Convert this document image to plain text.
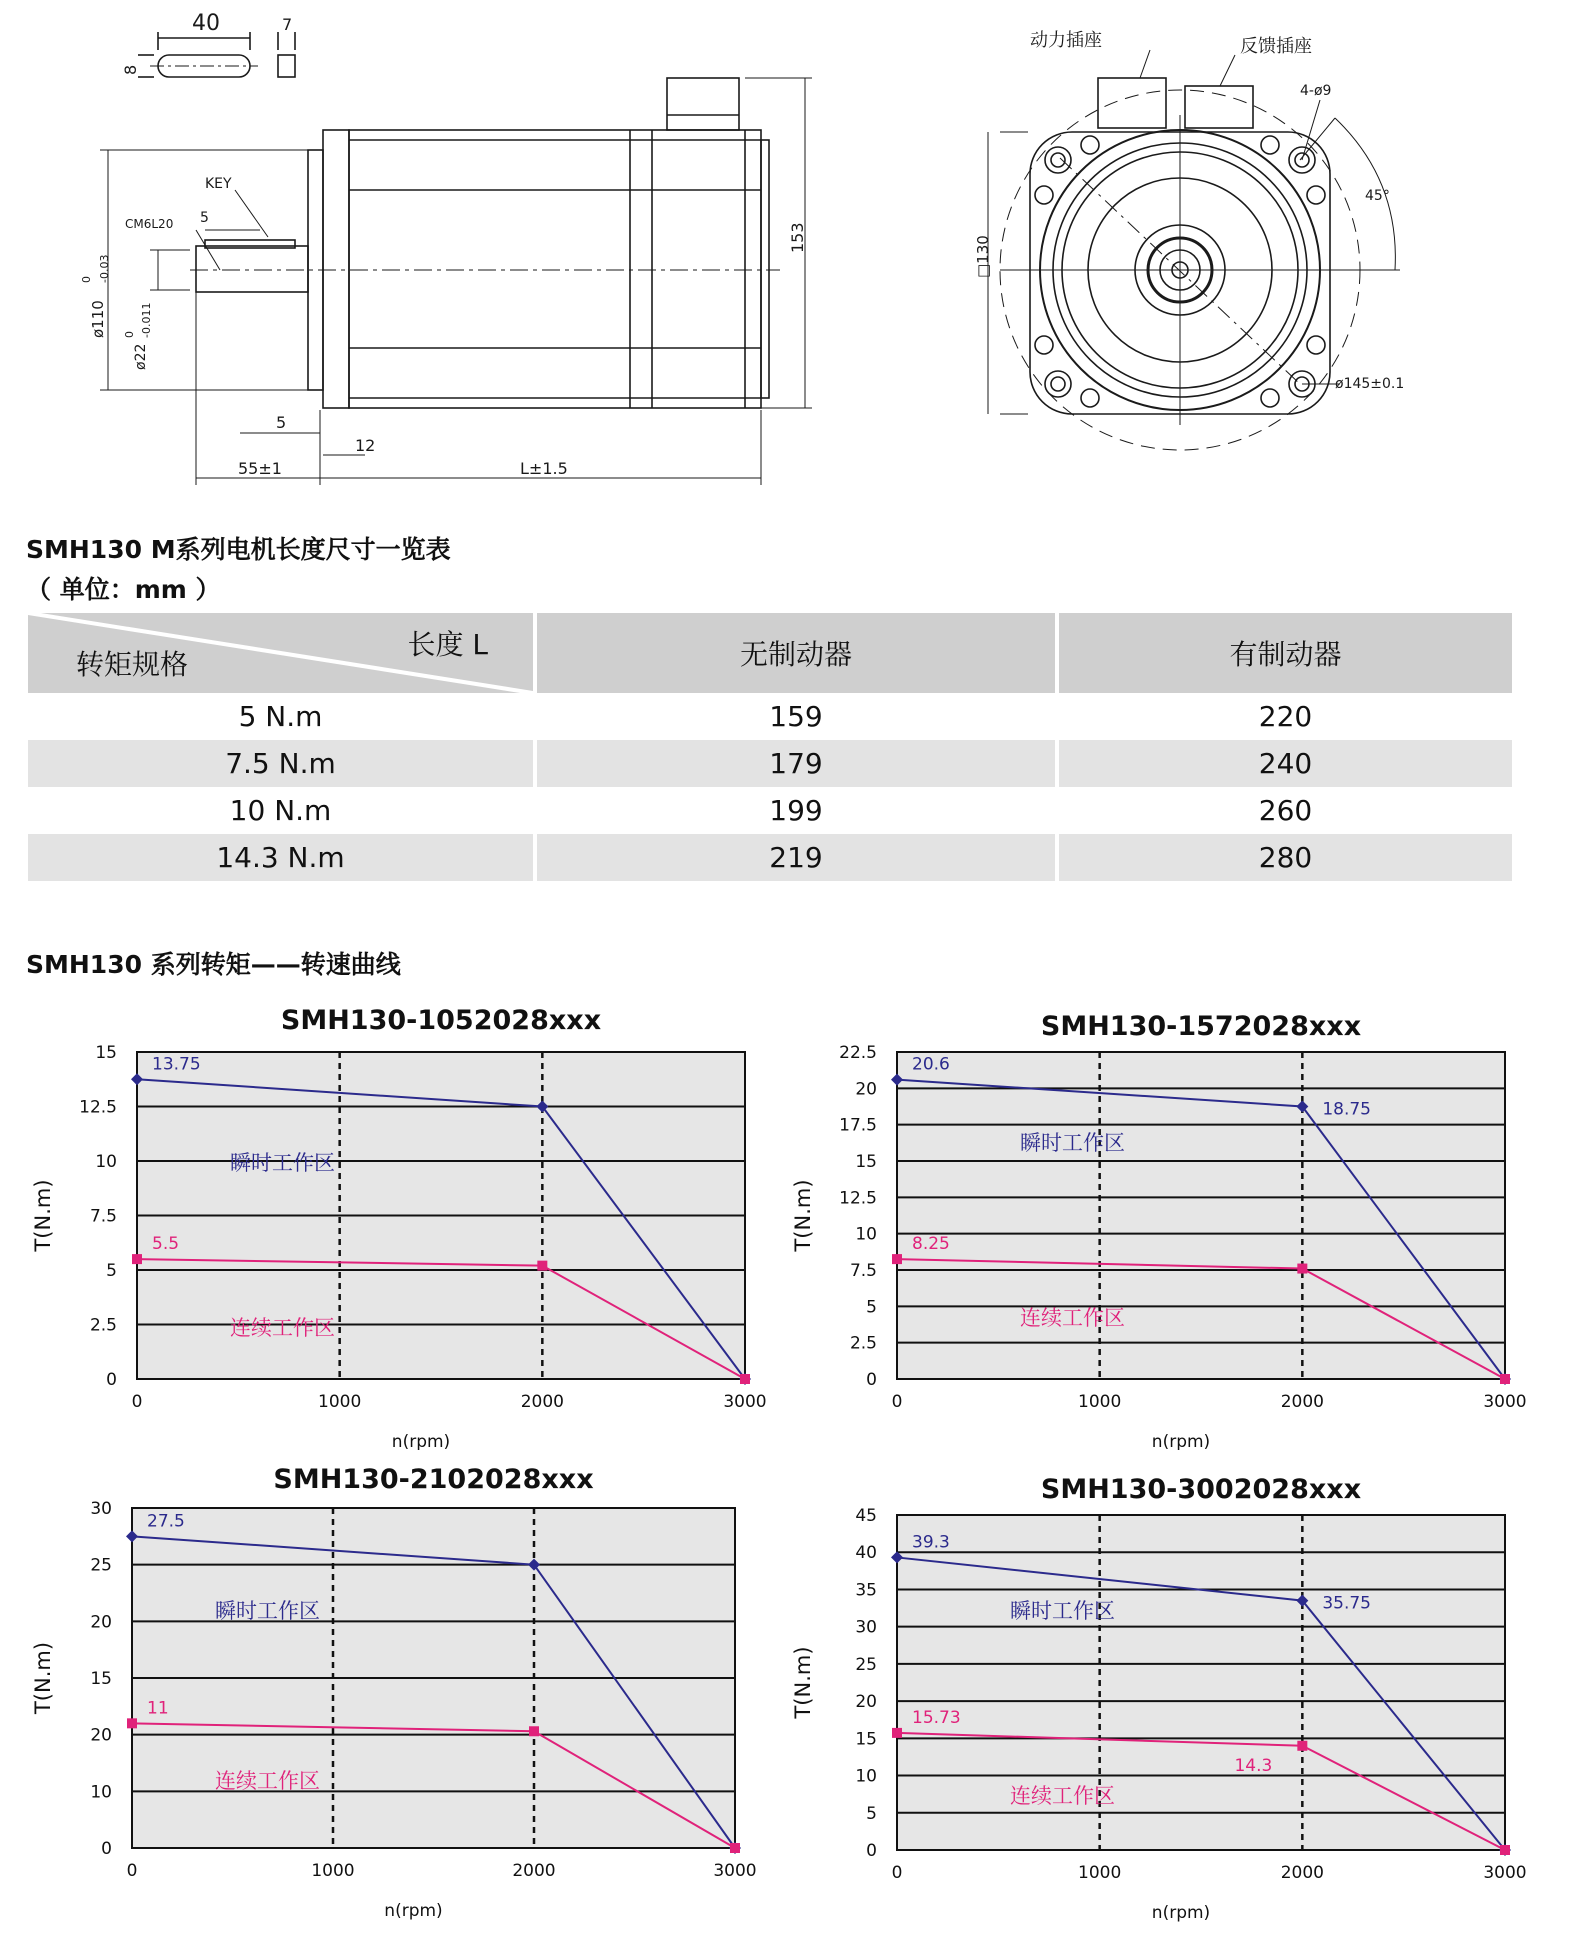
40
8
7
KEY
CM6L20 5
ø110
0 -0.03
ø22
0 -0.011
153
5
12
55±1	L±1.5
动力插座	反馈插座
4-ø9
45°
□130
ø145±0.1
SMH130 M系列电机长度尺寸一览表
（ 单位：mm ）
长度 L
转矩规格	无制动器	有制动器
5 N.m	159	220
7.5 N.m	179	240
10 N.m	199	260
14.3 N.m	219	280
SMH130 系列转矩——转速曲线
SMH130-1052028xxx
0
2.5
5
7.5
10
12.5
15
0	1000	2000	3000
n(rpm)
T(N.m)
13.75
瞬时工作区
5.5
连续工作区
SMH130-1572028xxx
0
2.5
5
7.5
10
12.5
15
17.5
20
22.5
0	1000	2000	3000
n(rpm)
T(N.m)
20.6
18.75
瞬时工作区
8.25
连续工作区
SMH130-2102028xxx
0
10
20
15
20
25
30
0	1000	2000	3000
n(rpm)
T(N.m)
27.5
瞬时工作区
11
连续工作区
SMH130-3002028xxx
0
5
10
15
20
25
30
35
40
45
0	1000	2000	3000
n(rpm)
T(N.m)
39.3
35.75
瞬时工作区
15.73
14.3
连续工作区
